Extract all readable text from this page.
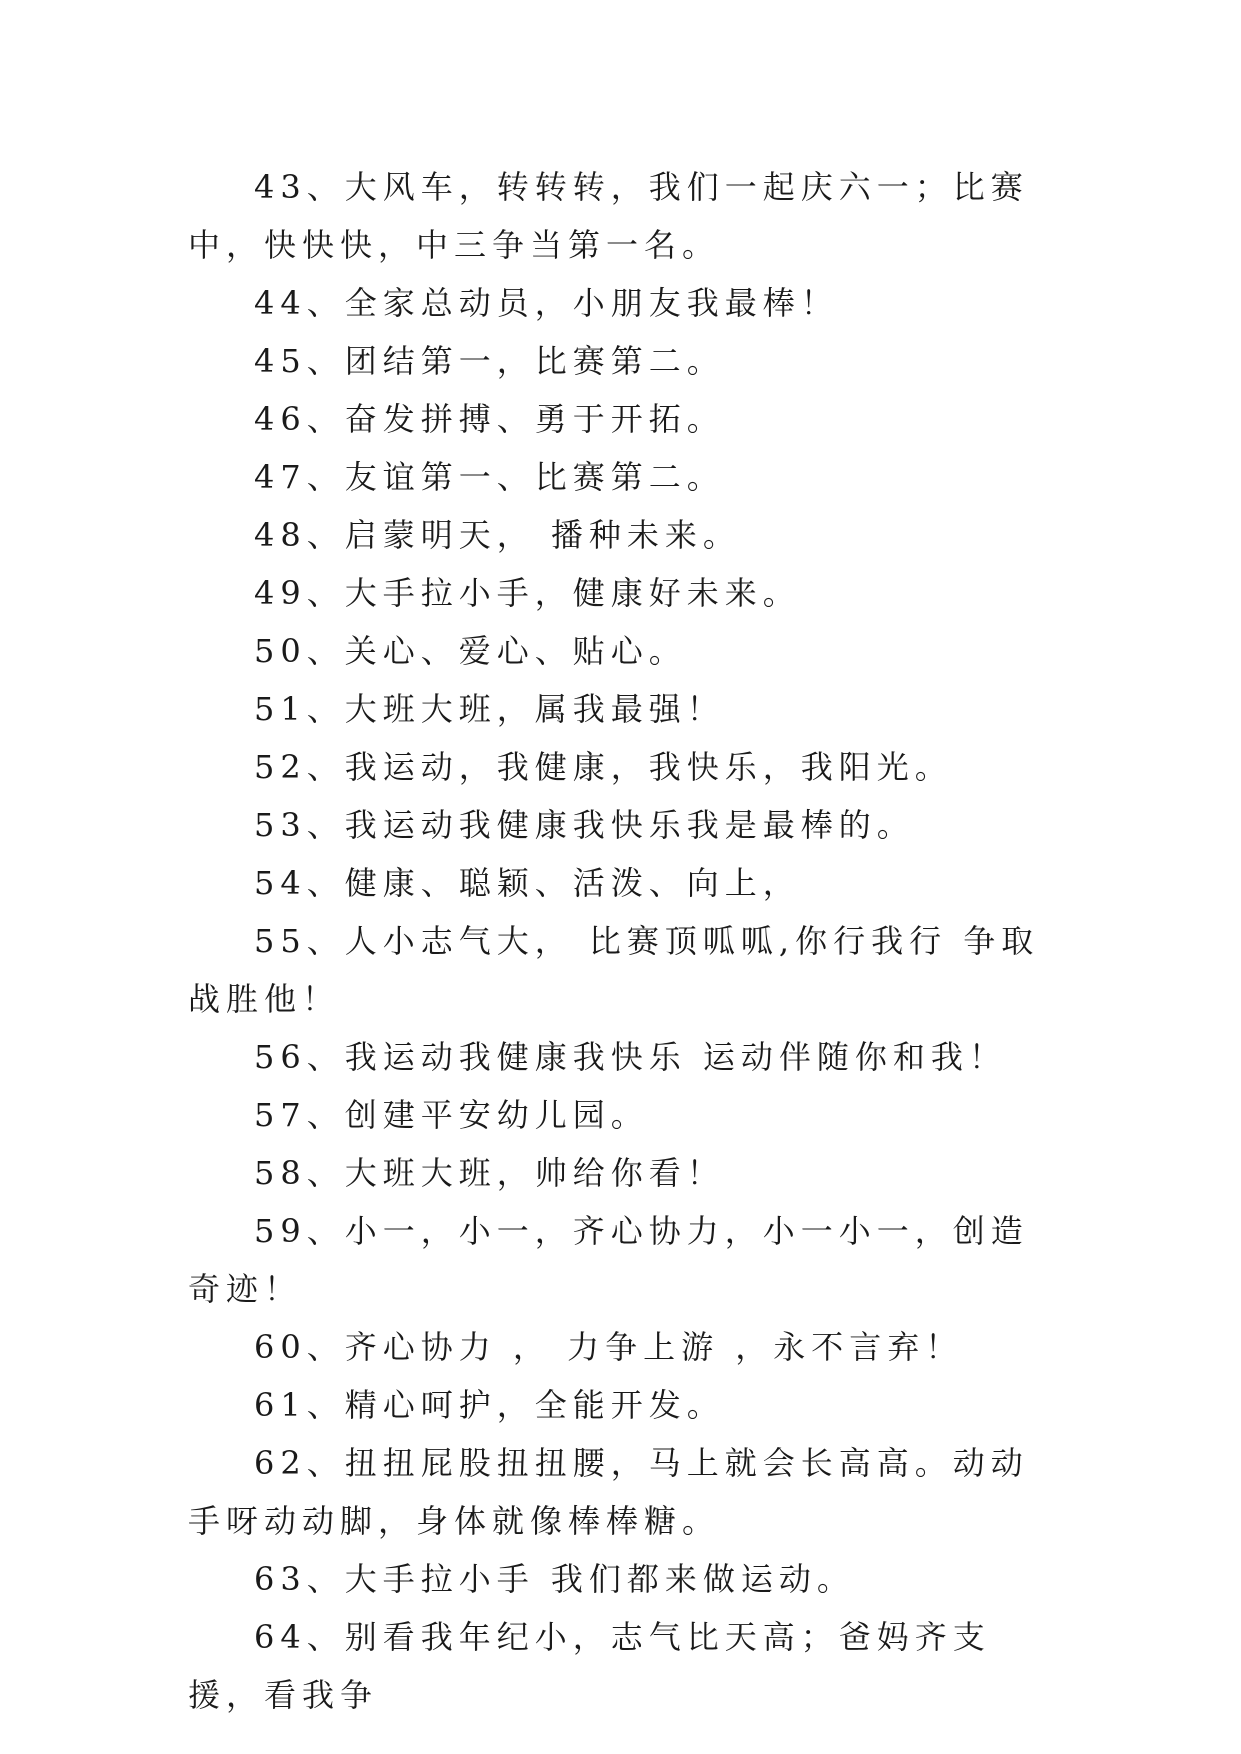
43、大风车，转转转，我们一起庆六一；比赛中，快快快，中三争当第一名。

44、全家总动员，小朋友我最棒！

45、团结第一，比赛第二。

46、奋发拼搏、勇于开拓。

47、友谊第一、比赛第二。

48、启蒙明天， 播种未来。

49、大手拉小手，健康好未来。

50、关心、爱心、贴心。

51、大班大班，属我最强！

52、我运动，我健康，我快乐，我阳光。

53、我运动我健康我快乐我是最棒的。

54、健康、聪颖、活泼、向上，

55、人小志气大， 比赛顶呱呱,你行我行 争取战胜他！

56、我运动我健康我快乐 运动伴随你和我！

57、创建平安幼儿园。

58、大班大班，帅给你看！

59、小一，小一，齐心协力，小一小一，创造奇迹！

60、齐心协力 ， 力争上游 ，永不言弃！

61、精心呵护，全能开发。

62、扭扭屁股扭扭腰，马上就会长高高。动动手呀动动脚，身体就像棒棒糖。

63、大手拉小手 我们都来做运动。

64、别看我年纪小，志气比天高；爸妈齐支援，看我争
